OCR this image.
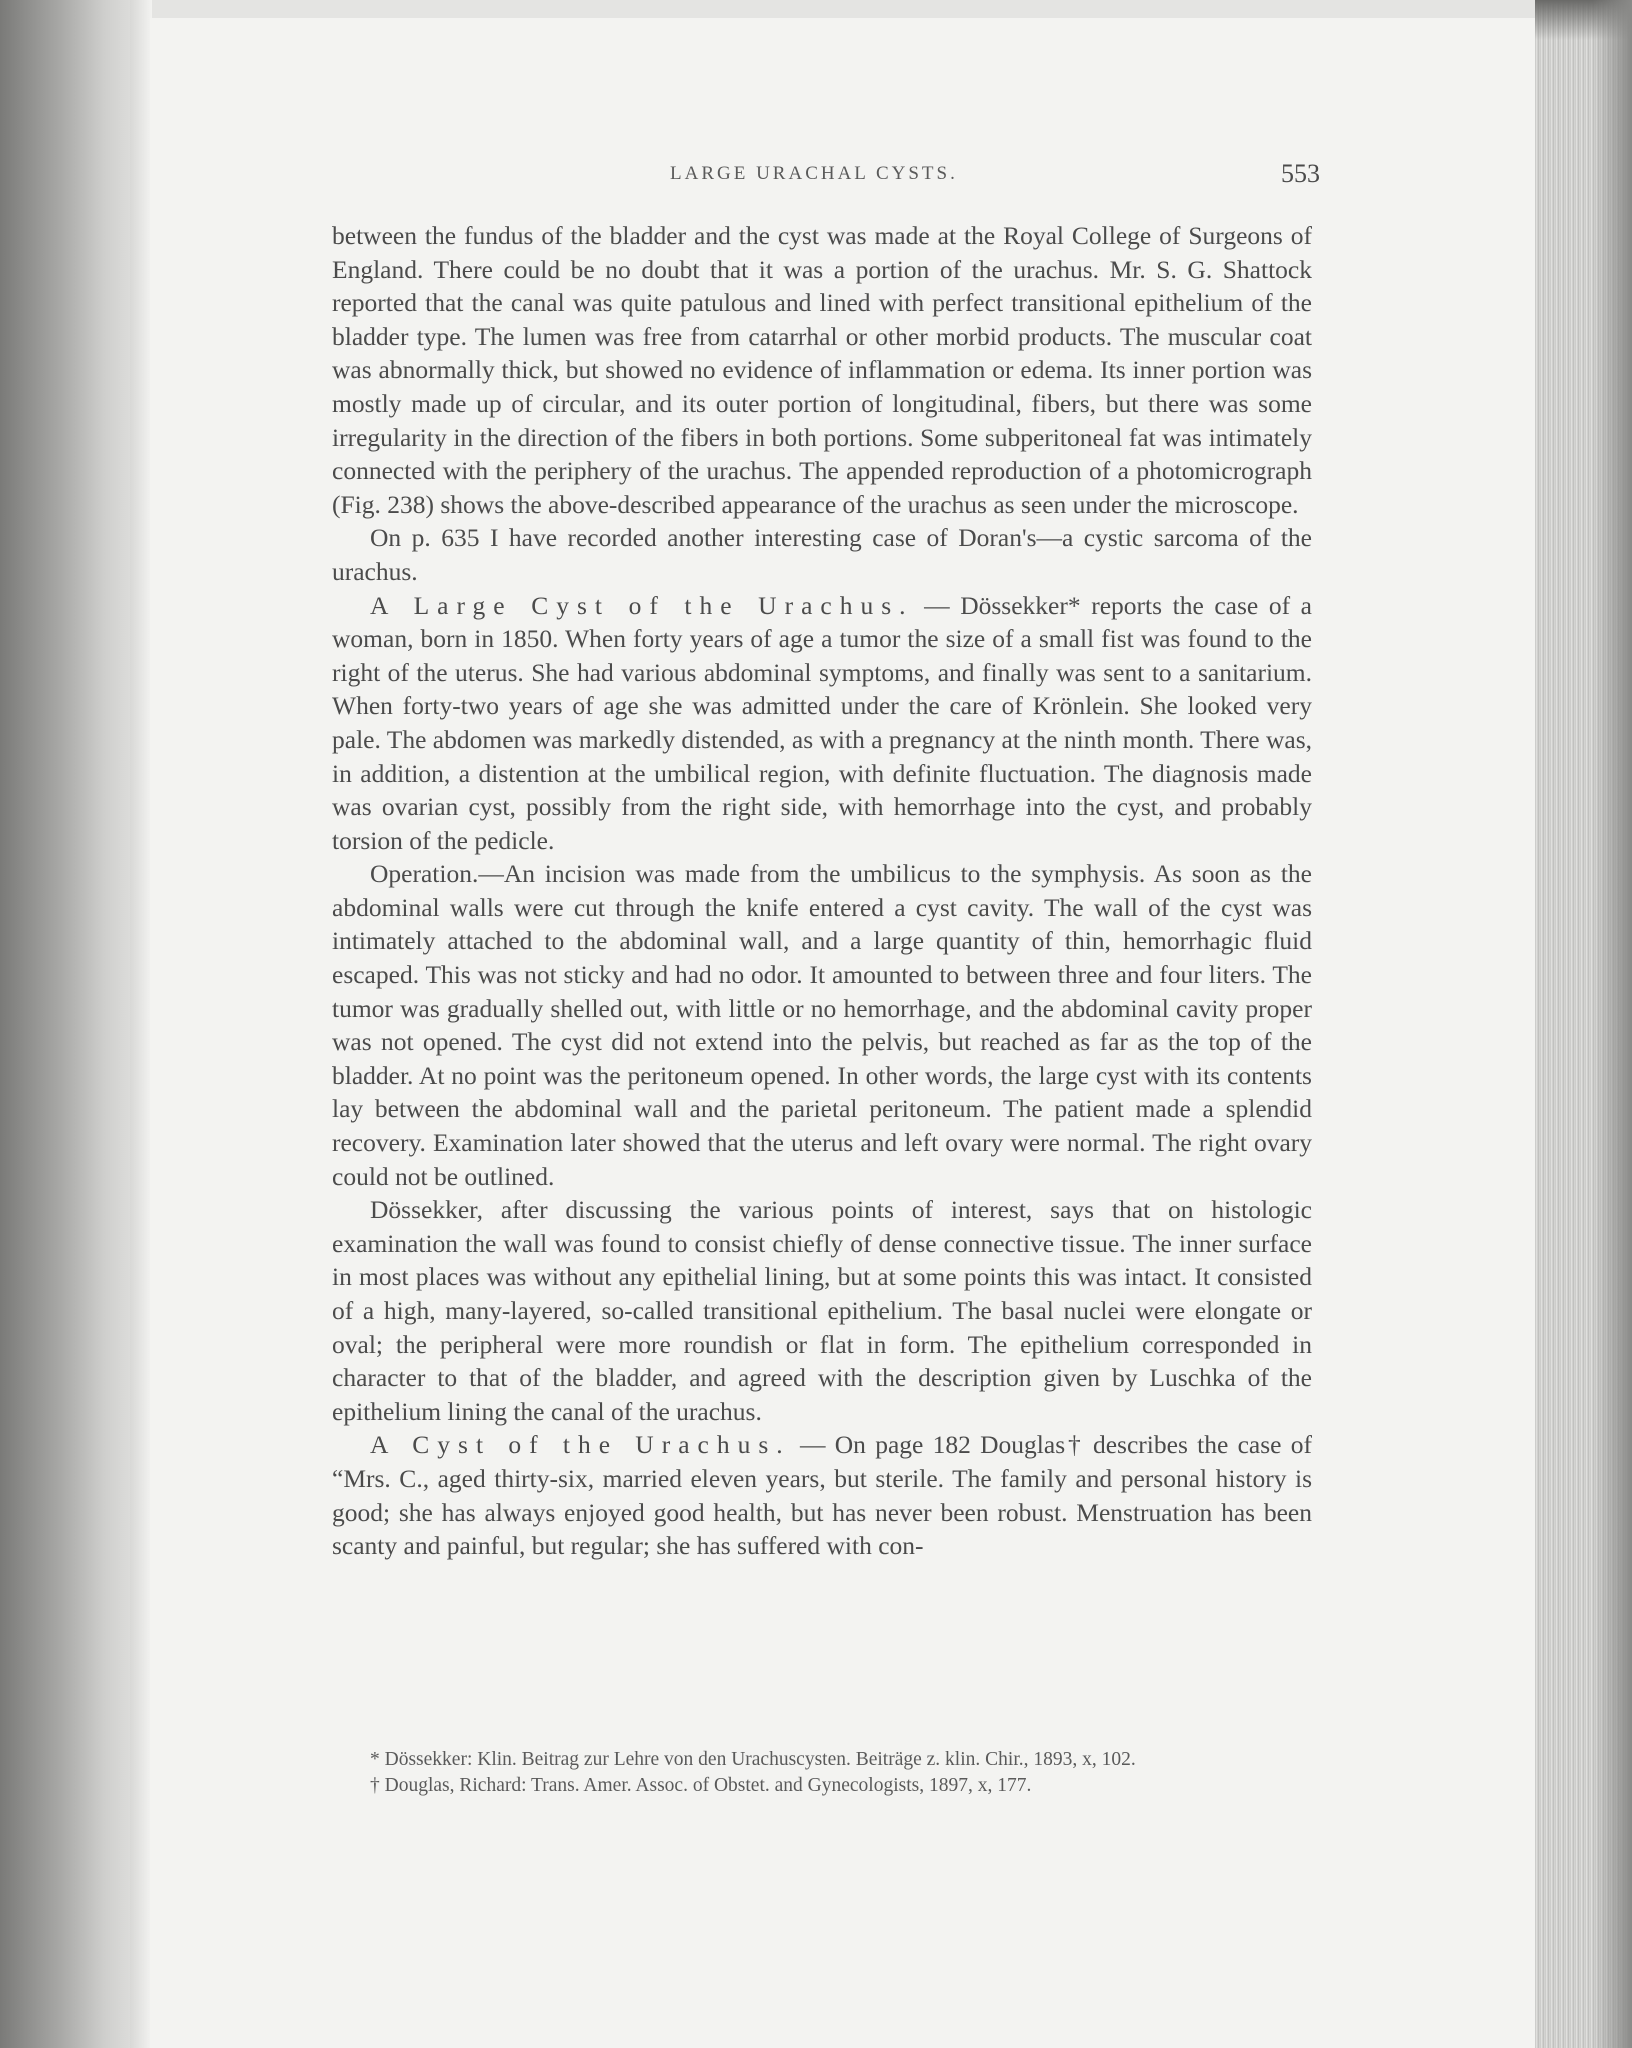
LARGE URACHAL CYSTS.	553

between the fundus of the bladder and the cyst was made at the Royal College of Surgeons of England. There could be no doubt that it was a portion of the urachus. Mr. S. G. Shattock reported that the canal was quite patulous and lined with perfect transitional epithelium of the bladder type. The lumen was free from catarrhal or other morbid products. The muscular coat was abnormally thick, but showed no evidence of inflammation or edema. Its inner portion was mostly made up of circular, and its outer portion of longitudinal, fibers, but there was some irregularity in the direction of the fibers in both portions. Some subperitoneal fat was intimately connected with the periphery of the urachus. The appended reproduction of a photomicrograph (Fig. 238) shows the above-described appearance of the urachus as seen under the microscope.

On p. 635 I have recorded another interesting case of Doran's—a cystic sarcoma of the urachus.

A Large Cyst of the Urachus. — Dössekker* reports the case of a woman, born in 1850. When forty years of age a tumor the size of a small fist was found to the right of the uterus. She had various abdominal symptoms, and finally was sent to a sanitarium. When forty-two years of age she was admitted under the care of Krönlein. She looked very pale. The abdomen was markedly distended, as with a pregnancy at the ninth month. There was, in addition, a distention at the umbilical region, with definite fluctuation. The diagnosis made was ovarian cyst, possibly from the right side, with hemorrhage into the cyst, and probably torsion of the pedicle.

Operation.—An incision was made from the umbilicus to the symphysis. As soon as the abdominal walls were cut through the knife entered a cyst cavity. The wall of the cyst was intimately attached to the abdominal wall, and a large quantity of thin, hemorrhagic fluid escaped. This was not sticky and had no odor. It amounted to between three and four liters. The tumor was gradually shelled out, with little or no hemorrhage, and the abdominal cavity proper was not opened. The cyst did not extend into the pelvis, but reached as far as the top of the bladder. At no point was the peritoneum opened. In other words, the large cyst with its contents lay between the abdominal wall and the parietal peritoneum. The patient made a splendid recovery. Examination later showed that the uterus and left ovary were normal. The right ovary could not be outlined.

Dössekker, after discussing the various points of interest, says that on histologic examination the wall was found to consist chiefly of dense connective tissue. The inner surface in most places was without any epithelial lining, but at some points this was intact. It consisted of a high, many-layered, so-called transitional epithelium. The basal nuclei were elongate or oval; the peripheral were more roundish or flat in form. The epithelium corresponded in character to that of the bladder, and agreed with the description given by Luschka of the epithelium lining the canal of the urachus.

A Cyst of the Urachus. — On page 182 Douglas† describes the case of “Mrs. C., aged thirty-six, married eleven years, but sterile. The family and personal history is good; she has always enjoyed good health, but has never been robust. Menstruation has been scanty and painful, but regular; she has suffered with con-

* Dössekker: Klin. Beitrag zur Lehre von den Urachuscysten. Beiträge z. klin. Chir., 1893, x, 102.

† Douglas, Richard: Trans. Amer. Assoc. of Obstet. and Gynecologists, 1897, x, 177.
